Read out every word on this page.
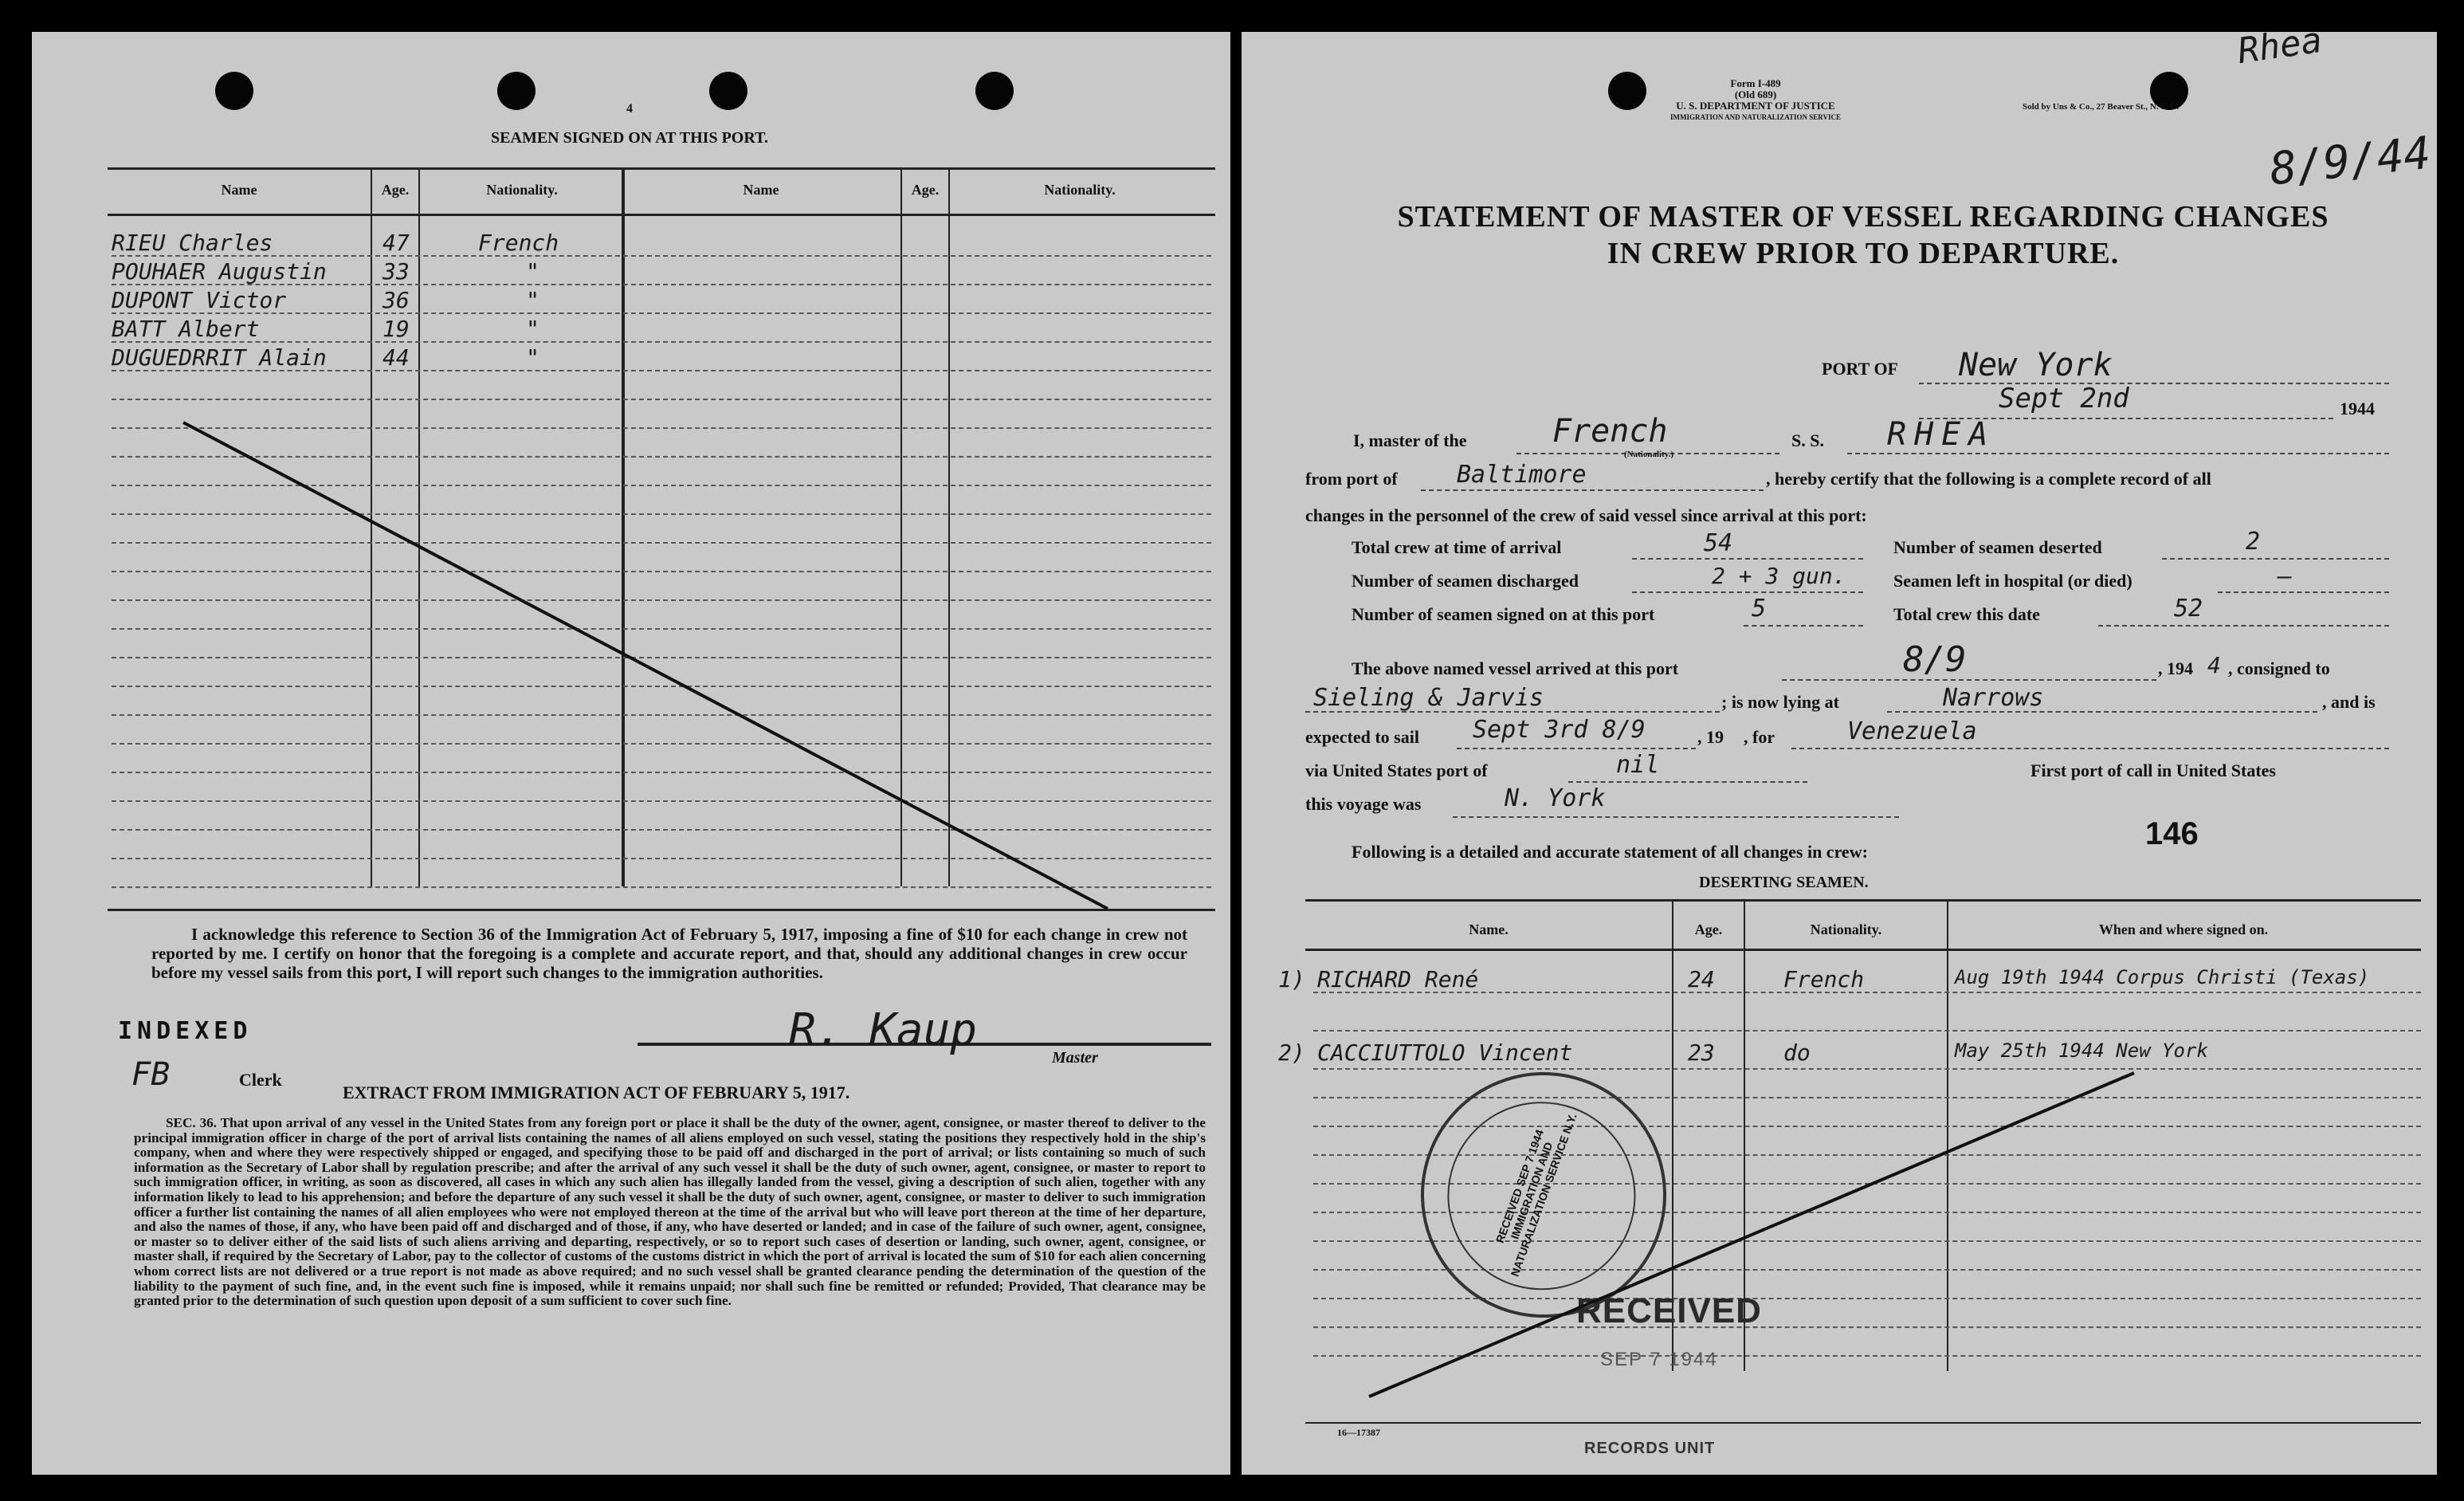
4
SEAMEN SIGNED ON AT THIS PORT.
Name	Age.	Nationality.	Name	Age.	Nationality.
RIEU Charles	47	French
POUHAER Augustin	33	"
DUPONT Victor	36	"
BATT Albert	19	"
DUGUEDRRIT Alain	44	"
I acknowledge this reference to Section 36 of the Immigration Act of February 5, 1917, imposing a fine of $10 for each change in crew not reported by me. I certify on honor that the foregoing is a complete and accurate report, and that, should any additional changes in crew occur before my vessel sails from this port, I will report such changes to the immigration authorities.
INDEXED
FB	Clerk
R. Kaup
Master
EXTRACT FROM IMMIGRATION ACT OF FEBRUARY 5, 1917.
SEC. 36. That upon arrival of any vessel in the United States from any foreign port or place it shall be the duty of the owner, agent, consignee, or master thereof to deliver to the principal immigration officer in charge of the port of arrival lists containing the names of all aliens employed on such vessel, stating the positions they respectively hold in the ship's company, when and where they were respectively shipped or engaged, and specifying those to be paid off and discharged in the port of arrival; or lists containing so much of such information as the Secretary of Labor shall by regulation prescribe; and after the arrival of any such vessel it shall be the duty of such owner, agent, consignee, or master to report to such immigration officer, in writing, as soon as discovered, all cases in which any such alien has illegally landed from the vessel, giving a description of such alien, together with any information likely to lead to his apprehension; and before the departure of any such vessel it shall be the duty of such owner, agent, consignee, or master to deliver to such immigration officer a further list containing the names of all alien employees who were not employed thereon at the time of the arrival but who will leave port thereon at the time of her departure, and also the names of those, if any, who have been paid off and discharged and of those, if any, who have deserted or landed; and in case of the failure of such owner, agent, consignee, or master so to deliver either of the said lists of such aliens arriving and departing, respectively, or so to report such cases of desertion or landing, such owner, agent, consignee, or master shall, if required by the Secretary of Labor, pay to the collector of customs of the customs district in which the port of arrival is located the sum of $10 for each alien concerning whom correct lists are not delivered or a true report is not made as above required; and no such vessel shall be granted clearance pending the determination of the question of the liability to the payment of such fine, and, in the event such fine is imposed, while it remains unpaid; nor shall such fine be remitted or refunded; Provided, That clearance may be granted prior to the determination of such question upon deposit of a sum sufficient to cover such fine.
Form I-489
(Old 689)
U. S. DEPARTMENT OF JUSTICE
IMMIGRATION AND NATURALIZATION SERVICE
Sold by Uns & Co., 27 Beaver St., N. Y. C.
Rhea
8/9/44
STATEMENT OF MASTER OF VESSEL REGARDING CHANGES
IN CREW PRIOR TO DEPARTURE.
PORT OF New York
Sept 2nd	1944
I, master of the	French
(Nationality.)
S. S. RHEA
from port of Baltimore	, hereby certify that the following is a complete record of all
changes in the personnel of the crew of said vessel since arrival at this port:
Total crew at time of arrival	54	Number of seamen deserted	2
Number of seamen discharged	2 + 3 gun.	Seamen left in hospital (or died)	—
Number of seamen signed on at this port	5	Total crew this date	52
The above named vessel arrived at this port	8/9	, 194 4 , consigned to
Sieling & Jarvis	; is now lying at	Narrows	, and is
expected to sail Sept 3rd 8/9	, 19 , for	Venezuela
via United States port of	nil	First port of call in United States
this voyage was	N. York
146
Following is a detailed and accurate statement of all changes in crew:
DESERTING SEAMEN.
Name.	Age.	Nationality.	When and where signed on.
1) RICHARD René	24	French	Aug 19th 1944 Corpus Christi (Texas)
2) CACCIUTTOLO Vincent	23	do	May 25th 1944 New York
RECEIVED SEP 7 1944 IMMIGRATION AND NATURALIZATION SERVICE N.Y.
RECEIVED
SEP 7 1944
16—17387
RECORDS UNIT
